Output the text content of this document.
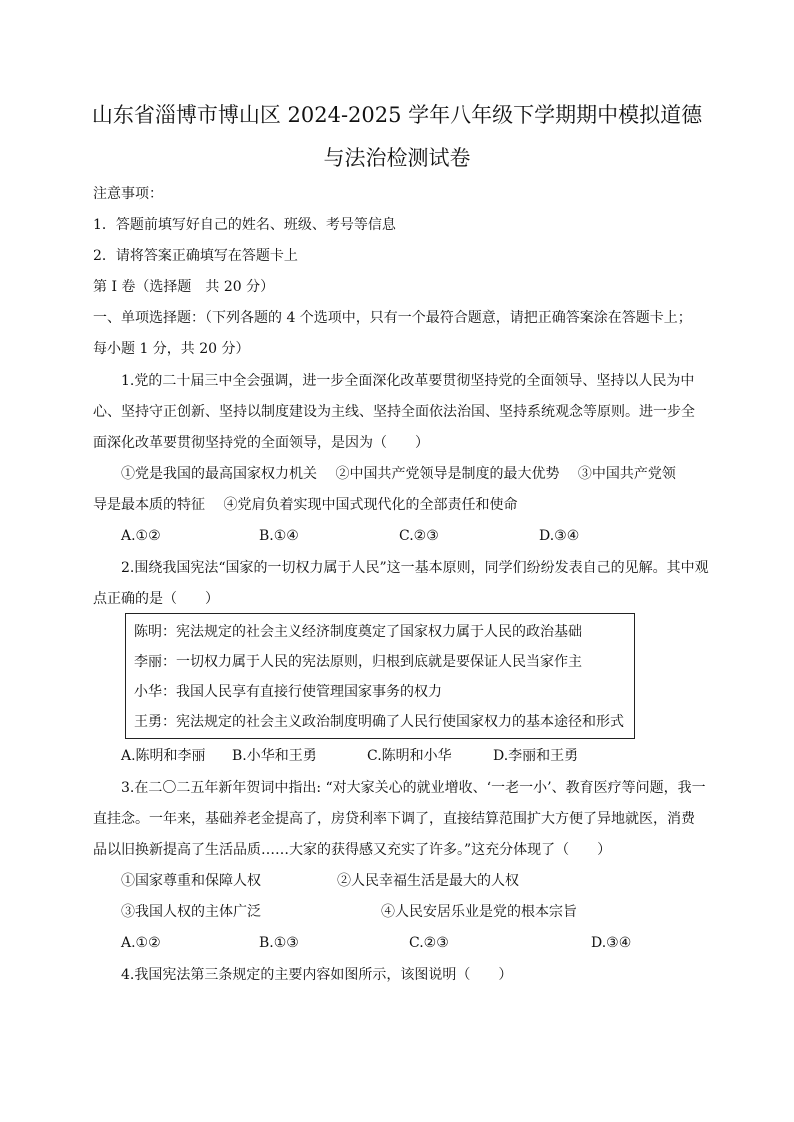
山东省淄博市博山区 2024-2025 学年八年级下学期期中模拟道德
与法治检测试卷
注意事项：
1．答题前填写好自己的姓名、班级、考号等信息
2．请将答案正确填写在答题卡上
第 I 卷（选择题　共 20 分）
一、单项选择题：（下列各题的 4 个选项中，只有一个最符合题意，请把正确答案涂在答题卡上；
每小题 1 分，共 20 分）
1.党的二十届三中全会强调，进一步全面深化改革要贯彻坚持党的全面领导、坚持以人民为中
心、坚持守正创新、坚持以制度建设为主线、坚持全面依法治国、坚持系统观念等原则。进一步全
面深化改革要贯彻坚持党的全面领导，是因为（　　）
①党是我国的最高国家权力机关　 ②中国共产党领导是制度的最大优势　 ③中国共产党领
导是最本质的特征　 ④党肩负着实现中国式现代化的全部责任和使命
A.①②	B.①④	C.②③	D.③④
2.围绕我国宪法“国家的一切权力属于人民”这一基本原则，同学们纷纷发表自己的见解。其中观
点正确的是（　　）
陈明：宪法规定的社会主义经济制度奠定了国家权力属于人民的政治基础
李丽：一切权力属于人民的宪法原则，归根到底就是要保证人民当家作主
小华：我国人民享有直接行使管理国家事务的权力
王勇：宪法规定的社会主义政治制度明确了人民行使国家权力的基本途径和形式
A.陈明和李丽 B.小华和王勇	C.陈明和小华	D.李丽和王勇
3.在二〇二五年新年贺词中指出: “对大家关心的就业增收、‘一老一小’、教育医疗等问题，我一
直挂念。一年来，基础养老金提高了，房贷利率下调了，直接结算范围扩大方便了异地就医，消费
品以旧换新提高了生活品质……大家的获得感又充实了许多。”这充分体现了（　　）
①国家尊重和保障人权	②人民幸福生活是最大的人权
③我国人权的主体广泛	④人民安居乐业是党的根本宗旨
A.①②	B.①③	C.②③	D.③④
4.我国宪法第三条规定的主要内容如图所示，该图说明（　　）
